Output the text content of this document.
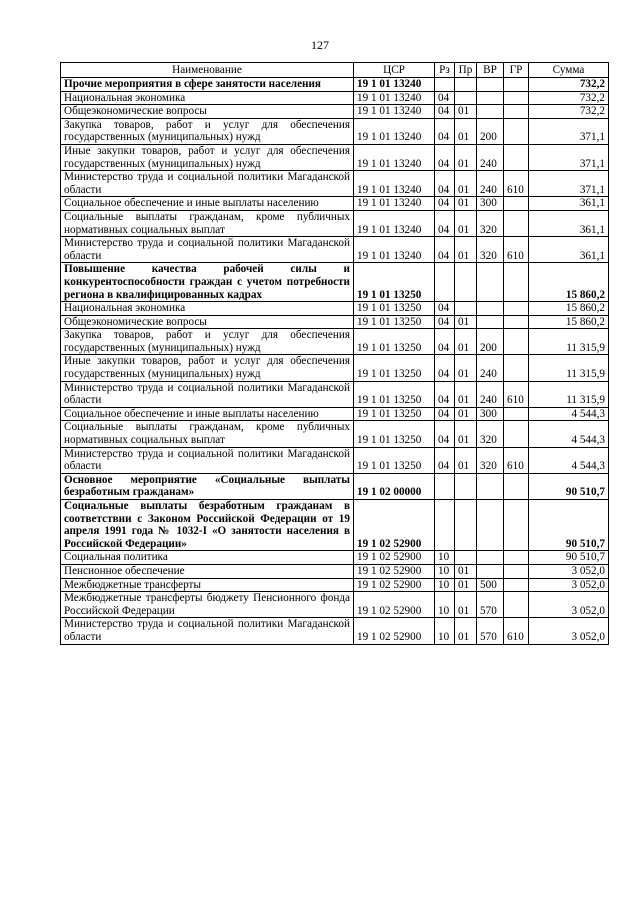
127
Наименование	ЦСР	Рз	Пр	ВР	ГР	Сумма
Прочие мероприятия в сфере занятости населения	19 1 01 13240					732,2
Национальная экономика	19 1 01 13240	04				732,2
Общеэкономические вопросы	19 1 01 13240	04	01			732,2
Закупка товаров, работ и услуг для обеспечения государственных (муниципальных) нужд	19 1 01 13240	04	01	200		371,1
Иные закупки товаров, работ и услуг для обеспечения государственных (муниципальных) нужд	19 1 01 13240	04	01	240		371,1
Министерство труда и социальной политики Магаданской области	19 1 01 13240	04	01	240	610	371,1
Социальное обеспечение и иные выплаты населению	19 1 01 13240	04	01	300		361,1
Социальные выплаты гражданам, кроме публичных нормативных социальных выплат	19 1 01 13240	04	01	320		361,1
Министерство труда и социальной политики Магаданской области	19 1 01 13240	04	01	320	610	361,1
Повышение качества рабочей силы и конкурентоспособности граждан с учетом потребности региона в квалифицированных кадрах	19 1 01 13250					15 860,2
Национальная экономика	19 1 01 13250	04				15 860,2
Общеэкономические вопросы	19 1 01 13250	04	01			15 860,2
Закупка товаров, работ и услуг для обеспечения государственных (муниципальных) нужд	19 1 01 13250	04	01	200		11 315,9
Иные закупки товаров, работ и услуг для обеспечения государственных (муниципальных) нужд	19 1 01 13250	04	01	240		11 315,9
Министерство труда и социальной политики Магаданской области	19 1 01 13250	04	01	240	610	11 315,9
Социальное обеспечение и иные выплаты населению	19 1 01 13250	04	01	300		4 544,3
Социальные выплаты гражданам, кроме публичных нормативных социальных выплат	19 1 01 13250	04	01	320		4 544,3
Министерство труда и социальной политики Магаданской области	19 1 01 13250	04	01	320	610	4 544,3
Основное мероприятие «Социальные выплаты безработным гражданам»	19 1 02 00000					90 510,7
Социальные выплаты безработным гражданам в соответствии с Законом Российской Федерации от 19 апреля 1991 года № 1032-I «О занятости населения в Российской Федерации»	19 1 02 52900					90 510,7
Социальная политика	19 1 02 52900	10				90 510,7
Пенсионное обеспечение	19 1 02 52900	10	01			3 052,0
Межбюджетные трансферты	19 1 02 52900	10	01	500		3 052,0
Межбюджетные трансферты бюджету Пенсионного фонда Российской Федерации	19 1 02 52900	10	01	570		3 052,0
Министерство труда и социальной политики Магаданской области	19 1 02 52900	10	01	570	610	3 052,0
